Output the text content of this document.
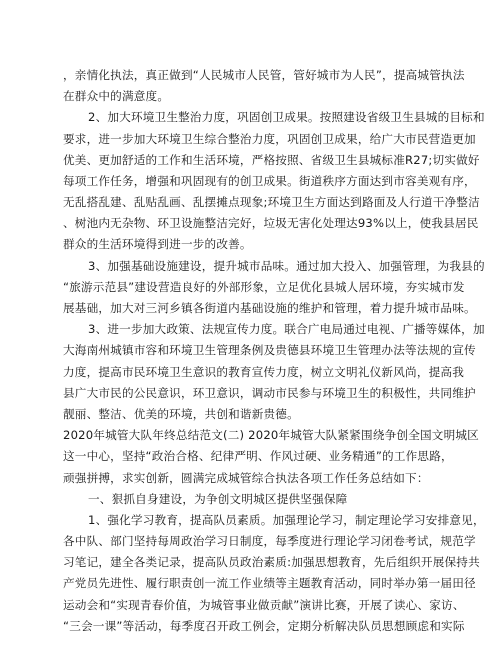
，亲情化执法，真正做到“人民城市人民管，管好城市为人民”，提高城管执法
在群众中的满意度。
2、加大环境卫生整治力度，巩固创卫成果。按照建设省级卫生县城的目标和
要求，进一步加大环境卫生综合整治力度，巩固创卫成果，给广大市民营造更加
优美、更加舒适的工作和生活环境，严格按照、省级卫生县城标准R27;切实做好
每项工作任务，增强和巩固现有的创卫成果。街道秩序方面达到市容美观有序，
无乱搭乱建、乱贴乱画、乱摆摊点现象;环境卫生方面达到路面及人行道干净整洁
、树池内无杂物、环卫设施整洁完好，垃圾无害化处理达93%以上，使我县居民
群众的生活环境得到进一步的改善。
3、加强基础设施建设，提升城市品味。通过加大投入、加强管理，为我县的
“旅游示范县”建设营造良好的外部形象，立足优化县城人居环境，夯实城市发
展基础，加大对三河乡镇各街道内基础设施的维护和管理，着力提升城市品味。
3、进一步加大政策、法规宣传力度。联合广电局通过电视、广播等媒体，加
大海南州城镇市容和环境卫生管理条例及贵德县环境卫生管理办法等法规的宣传
力度，提高市民环境卫生意识的教育宣传力度，树立文明礼仪新风尚，提高我
县广大市民的公民意识，环卫意识，调动市民参与环境卫生的积极性，共同维护
靓丽、整洁、优美的环境，共创和谐新贵德。
2020年城管大队年终总结范文(二) 2020年城管大队紧紧围绕争创全国文明城区
这一中心，坚持“政治合格、纪律严明、作风过硬、业务精通”的工作思路，
顽强拼搏，求实创新，圆满完成城管综合执法各项工作任务总结如下：
一、狠抓自身建设，为争创文明城区提供坚强保障
1、强化学习教育，提高队员素质。加强理论学习，制定理论学习安排意见，
各中队、部门坚持每周政治学习日制度，每季度进行理论学习闭卷考试，规范学
习笔记，建全各类记录，提高队员政治素质:加强思想教育，先后组织开展保持共
产党员先进性、履行职责创一流工作业绩等主题教育活动，同时举办第一届田径
运动会和“实现青春价值，为城管事业做贡献”演讲比赛，开展了读心、家访、
“三会一课”等活动，每季度召开政工例会，定期分析解决队员思想顾虑和实际
